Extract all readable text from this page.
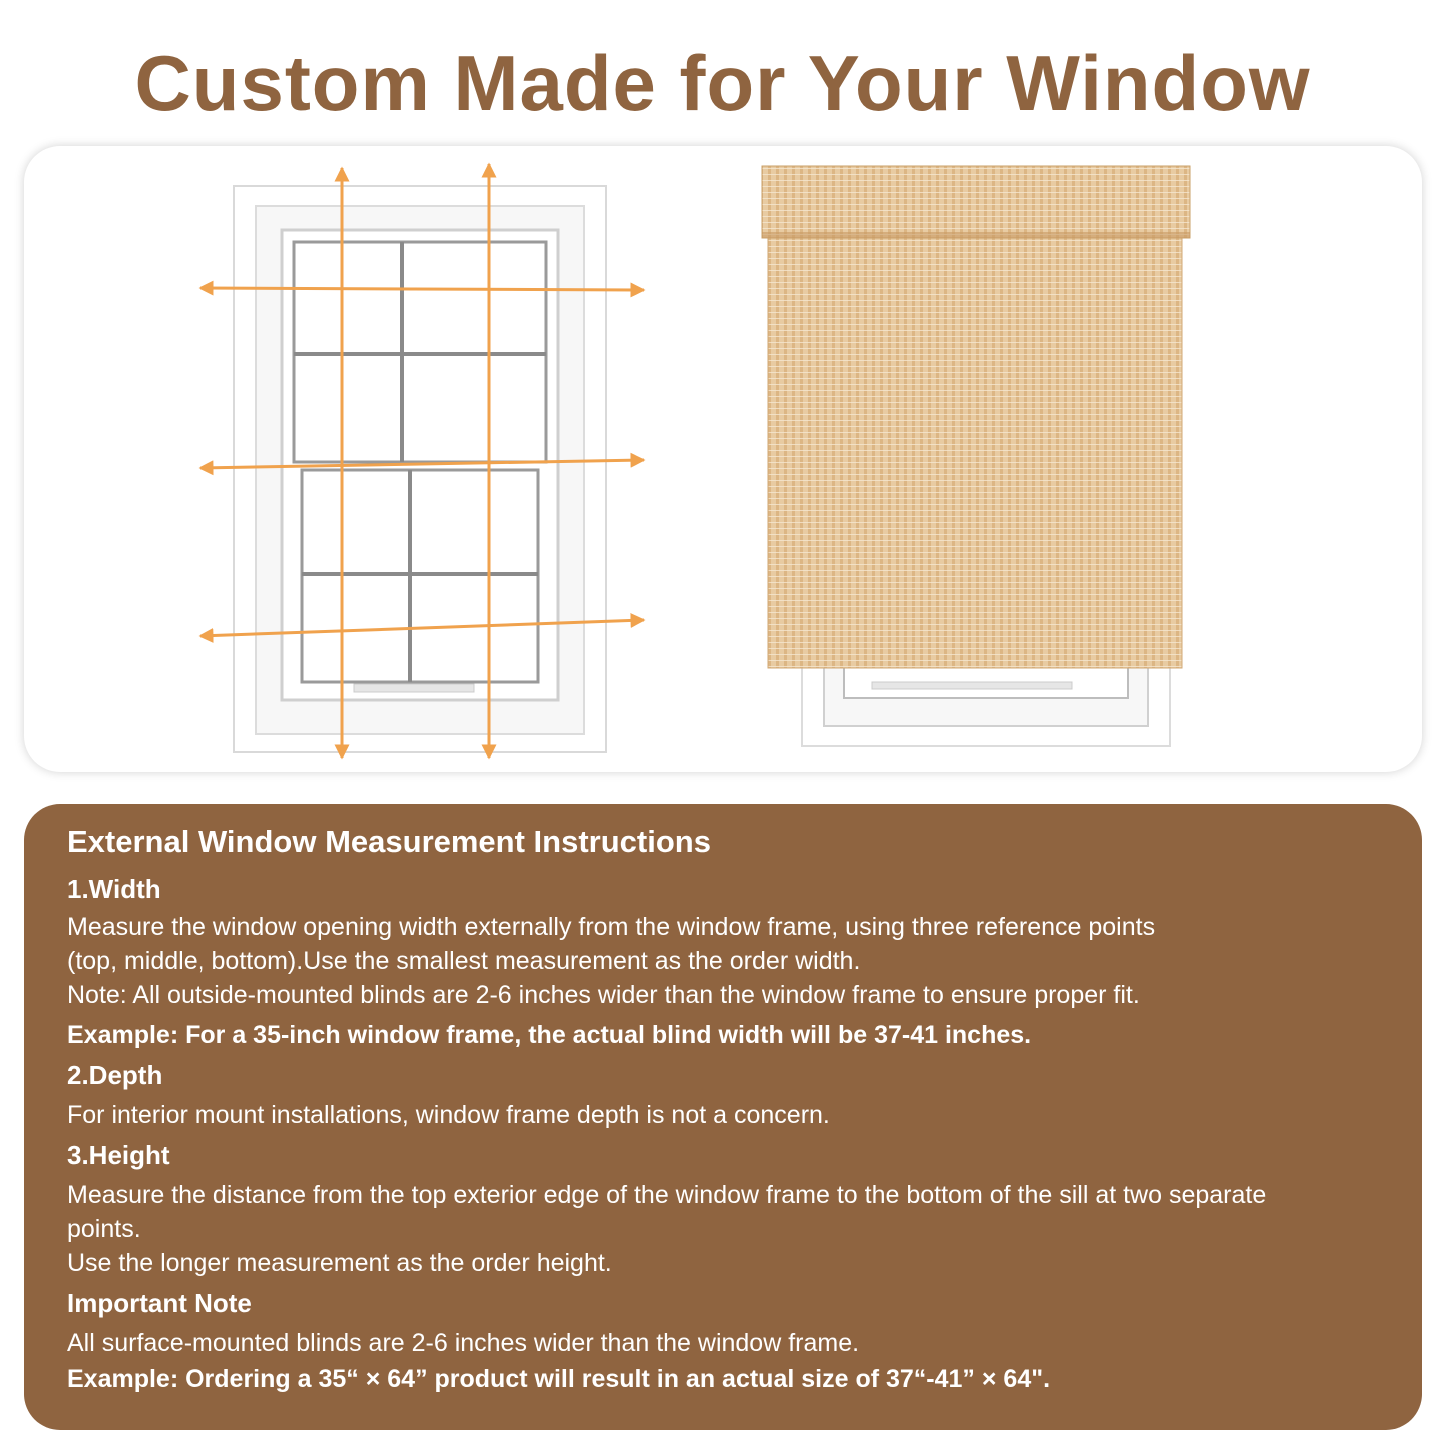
Custom Made for Your Window
External Window Measurement Instructions

1.Width

Measure the window opening width externally from the window frame, using three reference points

(top, middle, bottom).Use the smallest measurement as the order width.

Note: All outside-mounted blinds are 2-6 inches wider than the window frame to ensure proper fit.

Example: For a 35-inch window frame, the actual blind width will be 37-41 inches.

2.Depth

For interior mount installations, window frame depth is not a concern.

3.Height

Measure the distance from the top exterior edge of the window frame to the bottom of the sill at two separate

points.

Use the longer measurement as the order height.

Important Note

All surface-mounted blinds are 2-6 inches wider than the window frame.

Example: Ordering a 35“ × 64” product will result in an actual size of 37“-41” × 64".
